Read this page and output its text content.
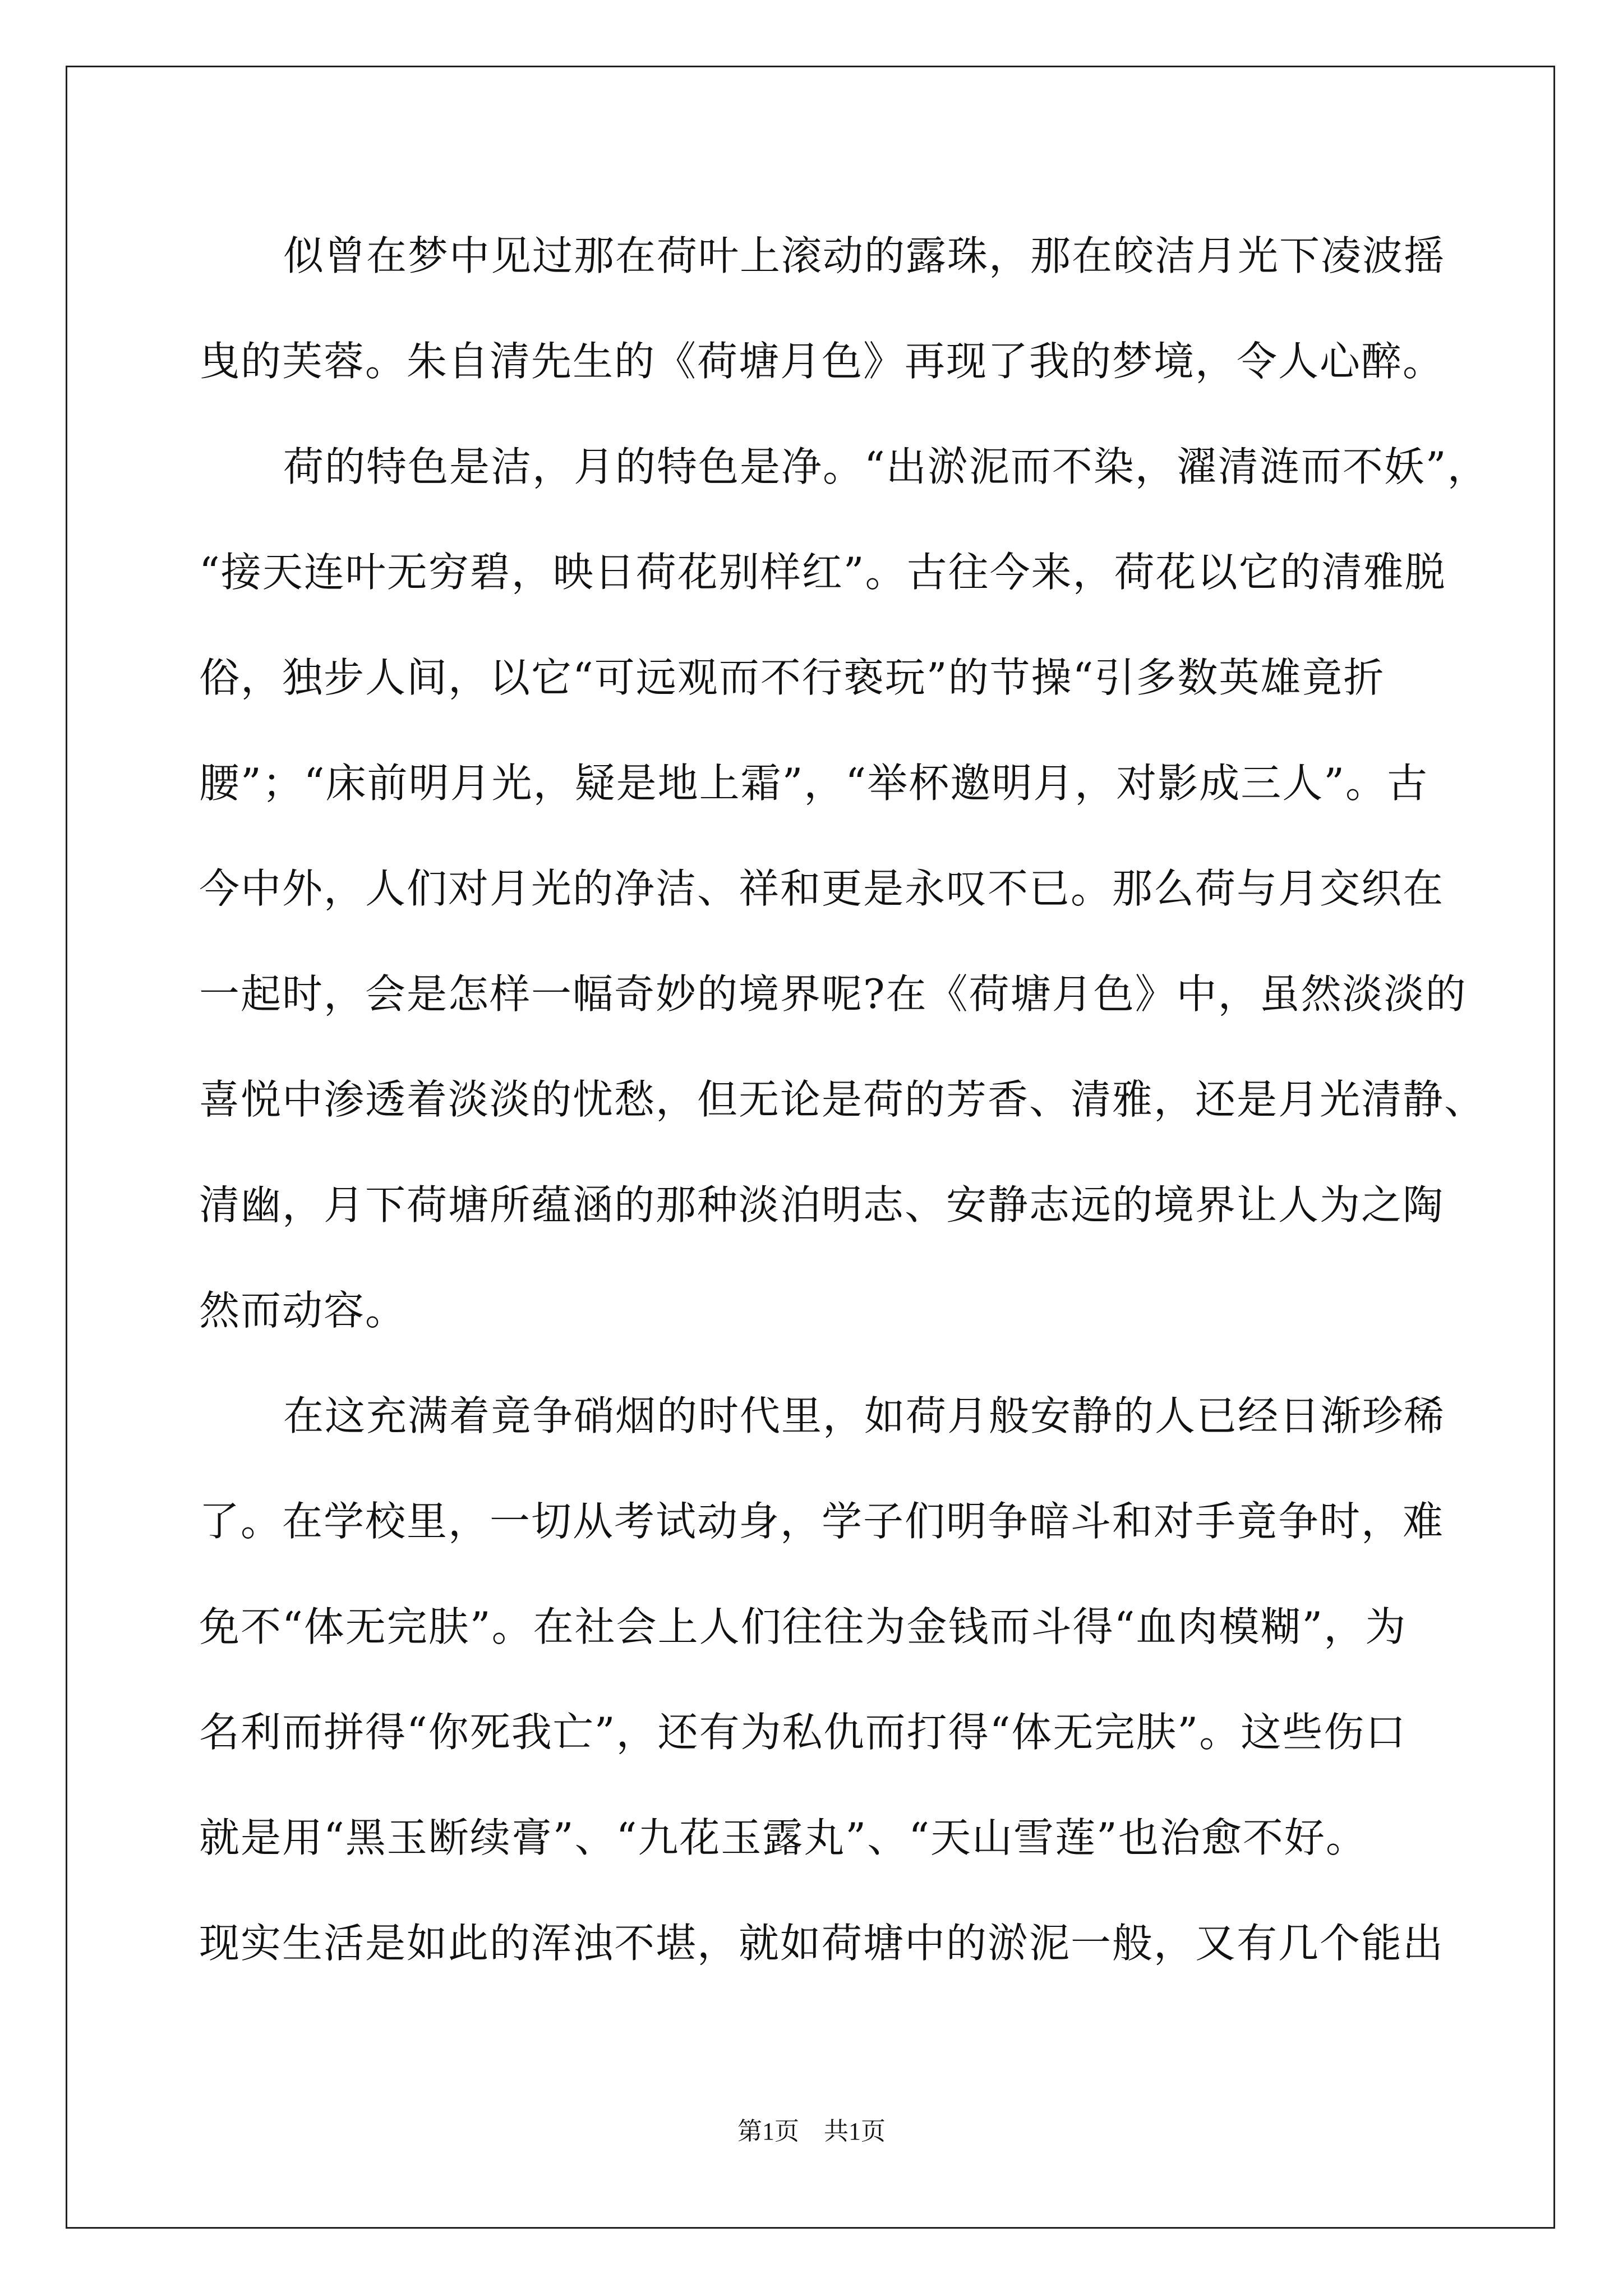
似曾在梦中见过那在荷叶上滚动的露珠，那在皎洁月光下凌波摇
曳的芙蓉。朱自清先生的《荷塘月色》再现了我的梦境，令人心醉。
荷的特色是洁，月的特色是净。“出淤泥而不染，濯清涟而不妖”，
“接天连叶无穷碧，映日荷花别样红”。古往今来，荷花以它的清雅脱
俗，独步人间，以它“可远观而不行亵玩”的节操“引多数英雄竟折
腰”；“床前明月光，疑是地上霜”，“举杯邀明月，对影成三人”。古
今中外，人们对月光的净洁、祥和更是永叹不已。那么荷与月交织在
一起时，会是怎样一幅奇妙的境界呢?在《荷塘月色》中，虽然淡淡的
喜悦中渗透着淡淡的忧愁，但无论是荷的芳香、清雅，还是月光清静、
清幽，月下荷塘所蕴涵的那种淡泊明志、安静志远的境界让人为之陶
然而动容。
在这充满着竟争硝烟的时代里，如荷月般安静的人已经日渐珍稀
了。在学校里，一切从考试动身，学子们明争暗斗和对手竟争时，难
免不“体无完肤”。在社会上人们往往为金钱而斗得“血肉模糊”，为
名利而拼得“你死我亡”，还有为私仇而打得“体无完肤”。这些伤口
就是用“黑玉断续膏”、“九花玉露丸”、“天山雪莲”也治愈不好。
现实生活是如此的浑浊不堪，就如荷塘中的淤泥一般，又有几个能出
第1页　共1页
